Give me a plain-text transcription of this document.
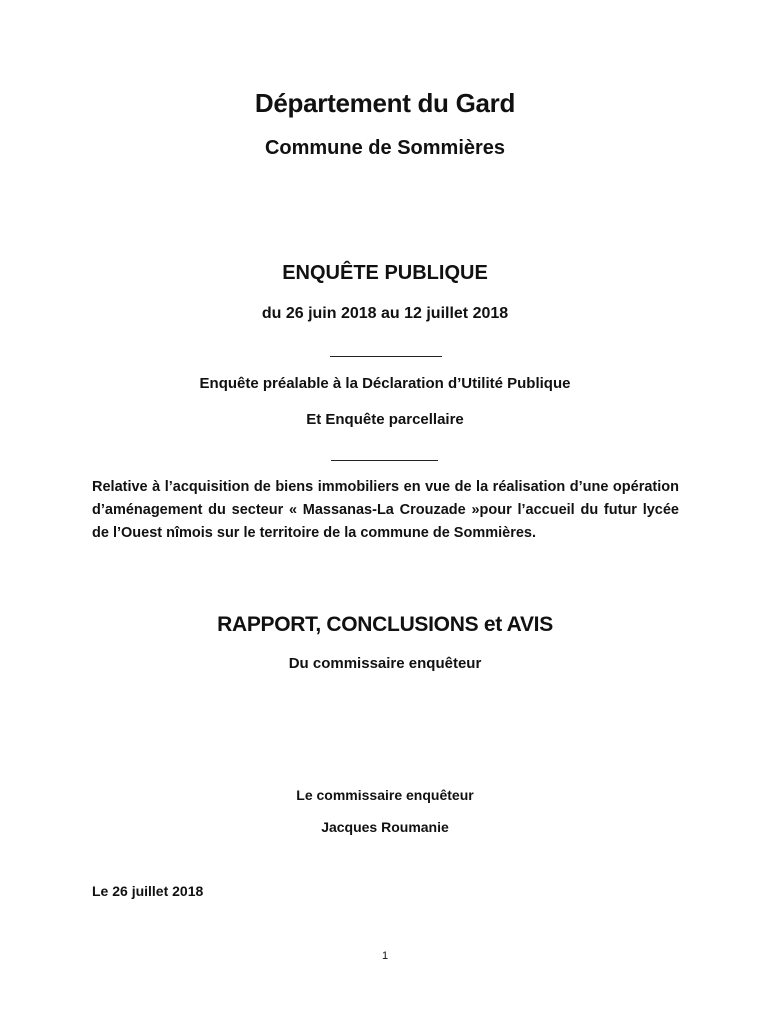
Département du Gard
Commune de Sommières
ENQUÊTE PUBLIQUE
du 26 juin 2018 au 12 juillet 2018
Enquête préalable à la Déclaration d’Utilité Publique
Et Enquête parcellaire
Relative à l’acquisition de biens immobiliers en vue de la réalisation d’une opération d’aménagement du secteur « Massanas-La Crouzade »pour l’accueil du futur lycée de l’Ouest nîmois sur le territoire de la commune de Sommières.
RAPPORT, CONCLUSIONS et AVIS
Du commissaire enquêteur
Le commissaire enquêteur
Jacques Roumanie
Le 26 juillet 2018
1
